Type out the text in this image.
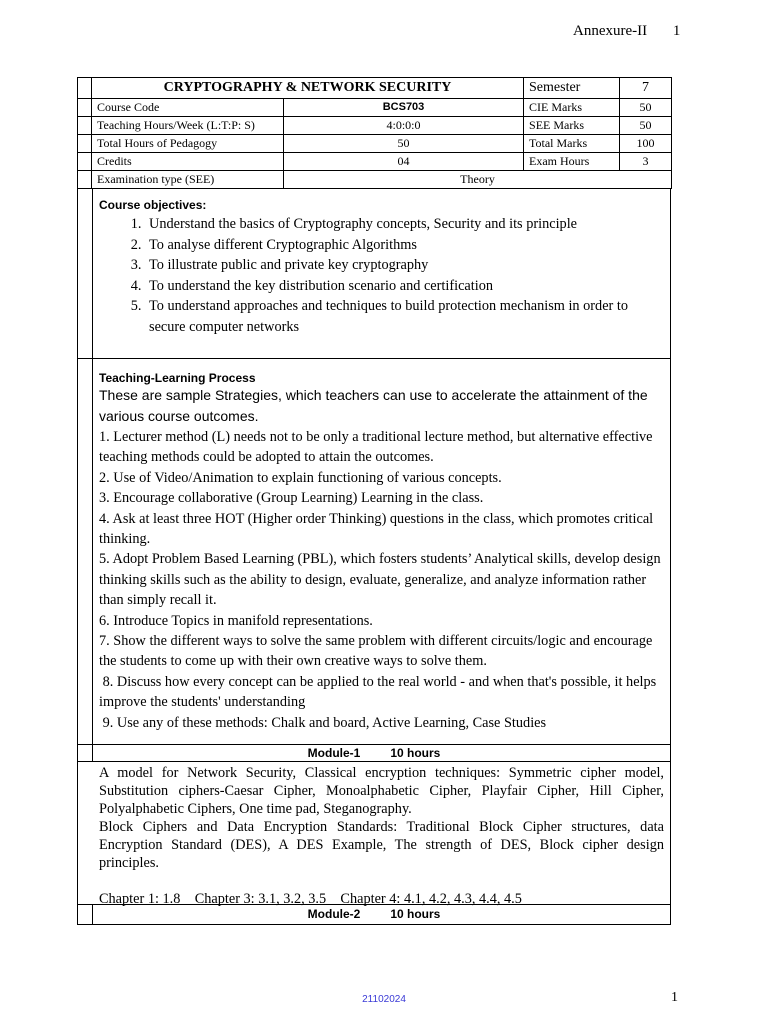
Annexure-II 1
	CRYPTOGRAPHY & NETWORK SECURITY		Semester	7
	Course Code	BCS703	CIE Marks	50
	Teaching Hours/Week (L:T:P: S)	4:0:0:0	SEE Marks	50
	Total Hours of Pedagogy	50	Total Marks	100
	Credits	04	Exam Hours	3
	Examination type (SEE)	Theory		
Course objectives:
1. Understand the basics of Cryptography concepts, Security and its principle
2. To analyse different Cryptographic Algorithms
3. To illustrate public and private key cryptography
4. To understand the key distribution scenario and certification
5. To understand approaches and techniques to build protection mechanism in order to secure computer networks
Teaching-Learning Process
These are sample Strategies, which teachers can use to accelerate the attainment of the various course outcomes.
1. Lecturer method (L) needs not to be only a traditional lecture method, but alternative effective teaching methods could be adopted to attain the outcomes.
2. Use of Video/Animation to explain functioning of various concepts.
3. Encourage collaborative (Group Learning) Learning in the class.
4. Ask at least three HOT (Higher order Thinking) questions in the class, which promotes critical thinking.
5. Adopt Problem Based Learning (PBL), which fosters students’ Analytical skills, develop design thinking skills such as the ability to design, evaluate, generalize, and analyze information rather than simply recall it.
6. Introduce Topics in manifold representations.
7. Show the different ways to solve the same problem with different circuits/logic and encourage the students to come up with their own creative ways to solve them.
8. Discuss how every concept can be applied to the real world - and when that's possible, it helps improve the students' understanding
9. Use any of these methods: Chalk and board, Active Learning, Case Studies
Module-1	10 hours
A model for Network Security, Classical encryption techniques: Symmetric cipher model, Substitution ciphers-Caesar Cipher, Monoalphabetic Cipher, Playfair Cipher, Hill Cipher, Polyalphabetic Ciphers, One time pad, Steganography.
Block Ciphers and Data Encryption Standards: Traditional Block Cipher structures, data Encryption Standard (DES), A DES Example, The strength of DES, Block cipher design principles.
Chapter 1: 1.8    Chapter 3: 3.1, 3.2, 3.5    Chapter 4: 4.1, 4.2, 4.3, 4.4, 4.5
Module-2	10 hours
21102024	1
